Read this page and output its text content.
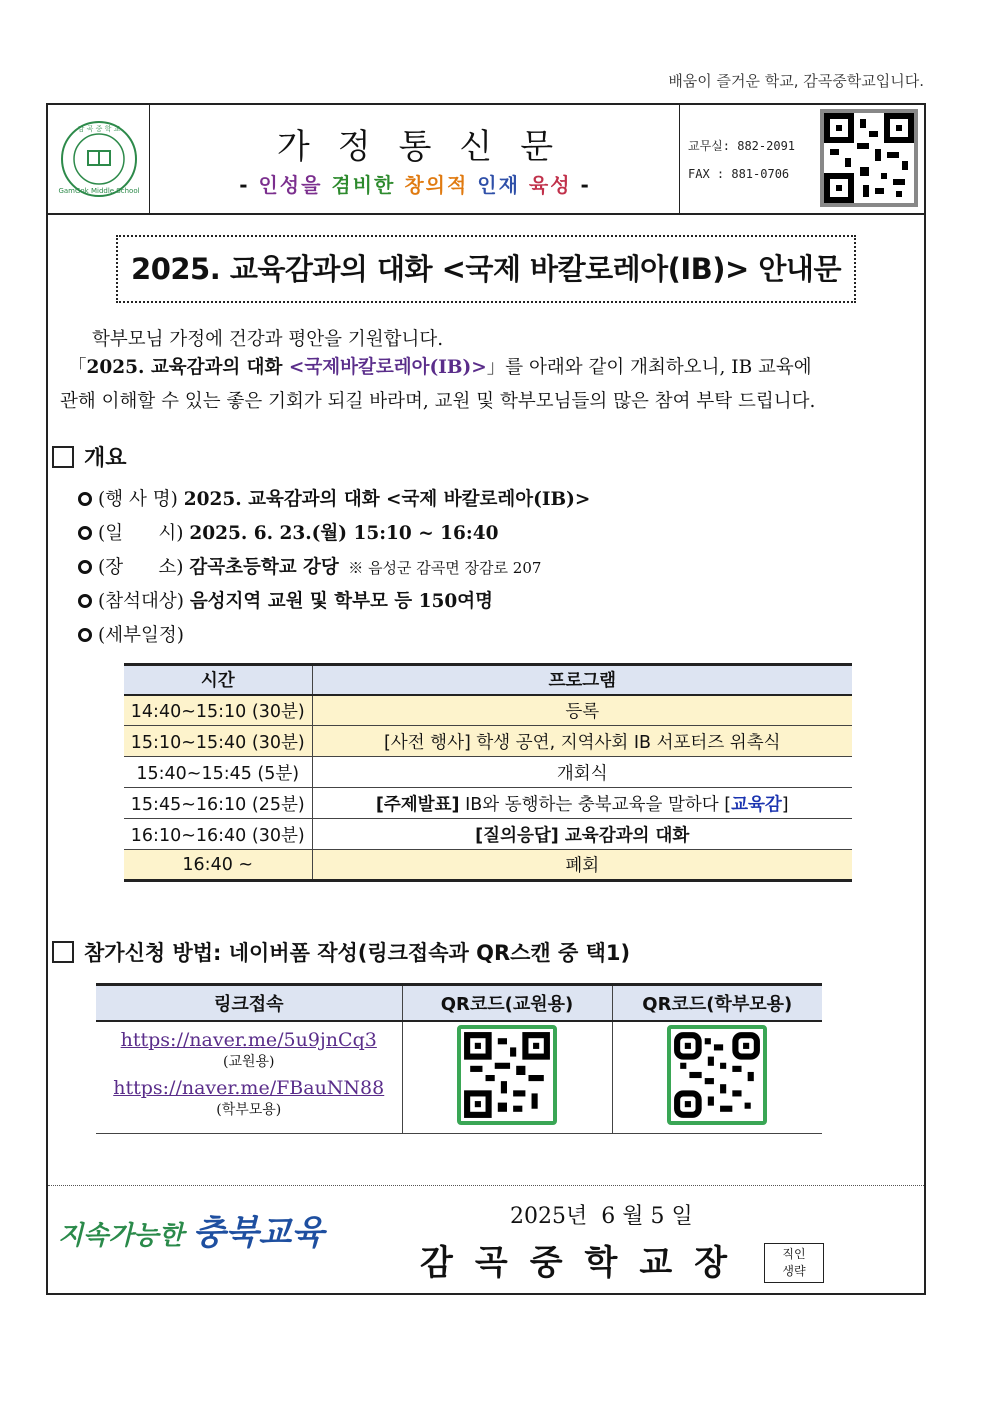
배움이 즐거운 학교, 감곡중학교입니다.
감 곡 중 학 교
GamGok Middle School
가정통신문
- 인성을 겸비한 창의적 인재 육성 -
교무실: 882-2091
FAX : 881-0706
2025. 교육감과의 대화 <국제 바칼로레아(IB)> 안내문
학부모님 가정에 건강과 평안을 기원합니다.
「2025. 교육감과의 대화 <국제바칼로레아(IB)>」를 아래와 같이 개최하오니, IB 교육에
관해 이해할 수 있는 좋은 기회가 되길 바라며, 교원 및 학부모님들의 많은 참여 부탁 드립니다.
개요
(행 사 명) 2025. 교육감과의 대화 <국제 바칼로레아(IB)>
(일      시) 2025. 6. 23.(월) 15:10 ~ 16:40
(장      소) 감곡초등학교 강당  ※ 음성군 감곡면 장감로 207
(참석대상) 음성지역 교원 및 학부모 등 150여명
(세부일정)
시간	프로그램
14:40~15:10 (30분)	등록
15:10~15:40 (30분)	[사전 행사] 학생 공연, 지역사회 IB 서포터즈 위촉식
15:40~15:45 (5분)	개회식
15:45~16:10 (25분)	[주제발표] IB와 동행하는 충북교육을 말하다 [교육감]
16:10~16:40 (30분)	[질의응답] 교육감과의 대화
16:40 ~	폐회
참가신청 방법: 네이버폼 작성(링크접속과 QR스캔 중 택1)
링크접속	QR코드(교원용)	QR코드(학부모용)

https://naver.me/5u9jnCq3
(교원용)
https://naver.me/FBauNN88
(학부모용)

지속가능한 충북교육	2025년  6 월 5 일
감곡중학교장	직인
생략
